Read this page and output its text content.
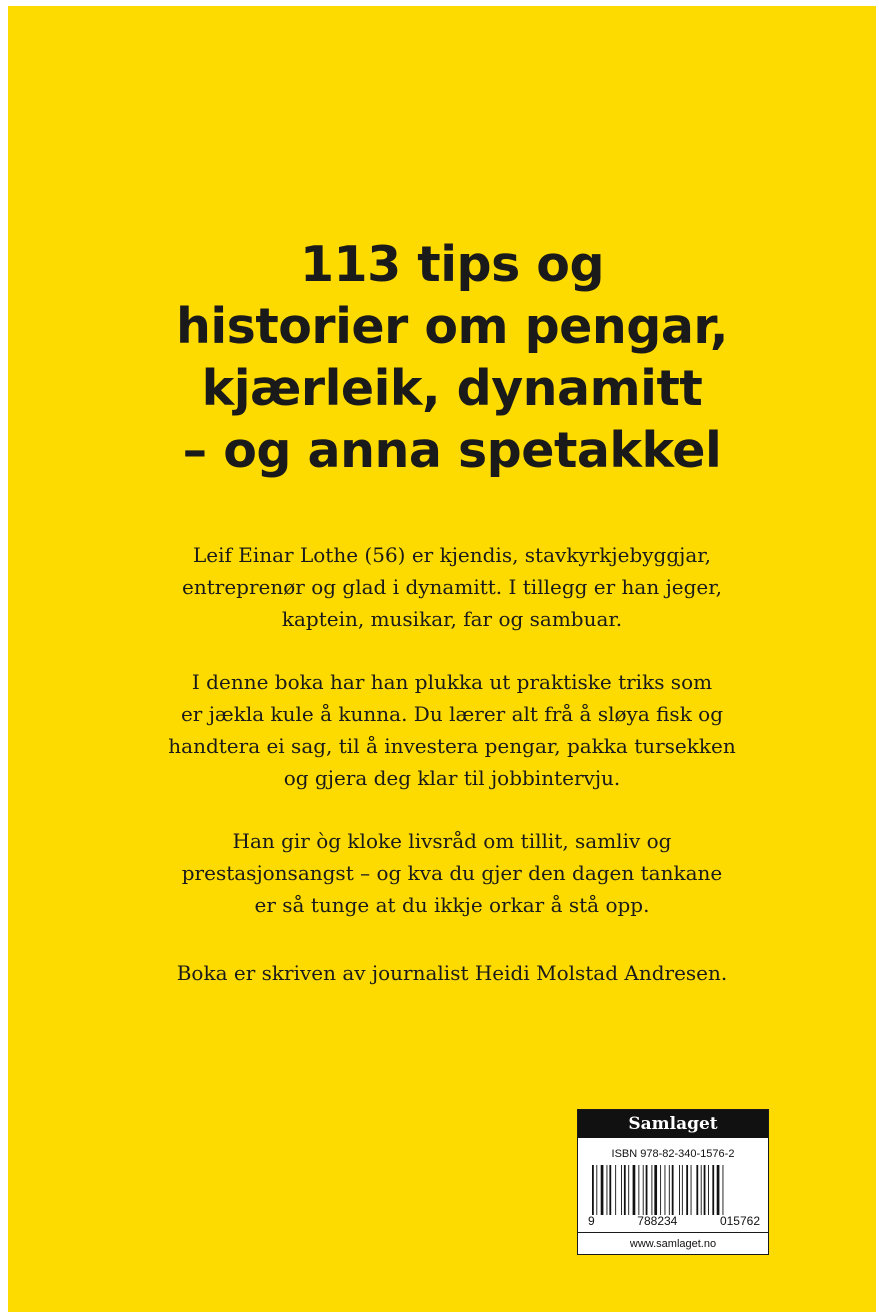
113 tips og
historier om pengar,
kjærleik, dynamitt
– og anna spetakkel
Leif Einar Lothe (56) er kjendis, stavkyrkjebyggjar,
entreprenør og glad i dynamitt. I tillegg er han jeger,
kaptein, musikar, far og sambuar.
I denne boka har han plukka ut praktiske triks som
er jækla kule å kunna. Du lærer alt frå å sløya fisk og
handtera ei sag, til å investera pengar, pakka tursekken
og gjera deg klar til jobbintervju.
Han gir òg kloke livsråd om tillit, samliv og
prestasjonsangst – og kva du gjer den dagen tankane
er så tunge at du ikkje orkar å stå opp.
Boka er skriven av journalist Heidi Molstad Andresen.
Samlaget
ISBN 978-82-340-1576-2
9	788234	015762
www.samlaget.no
